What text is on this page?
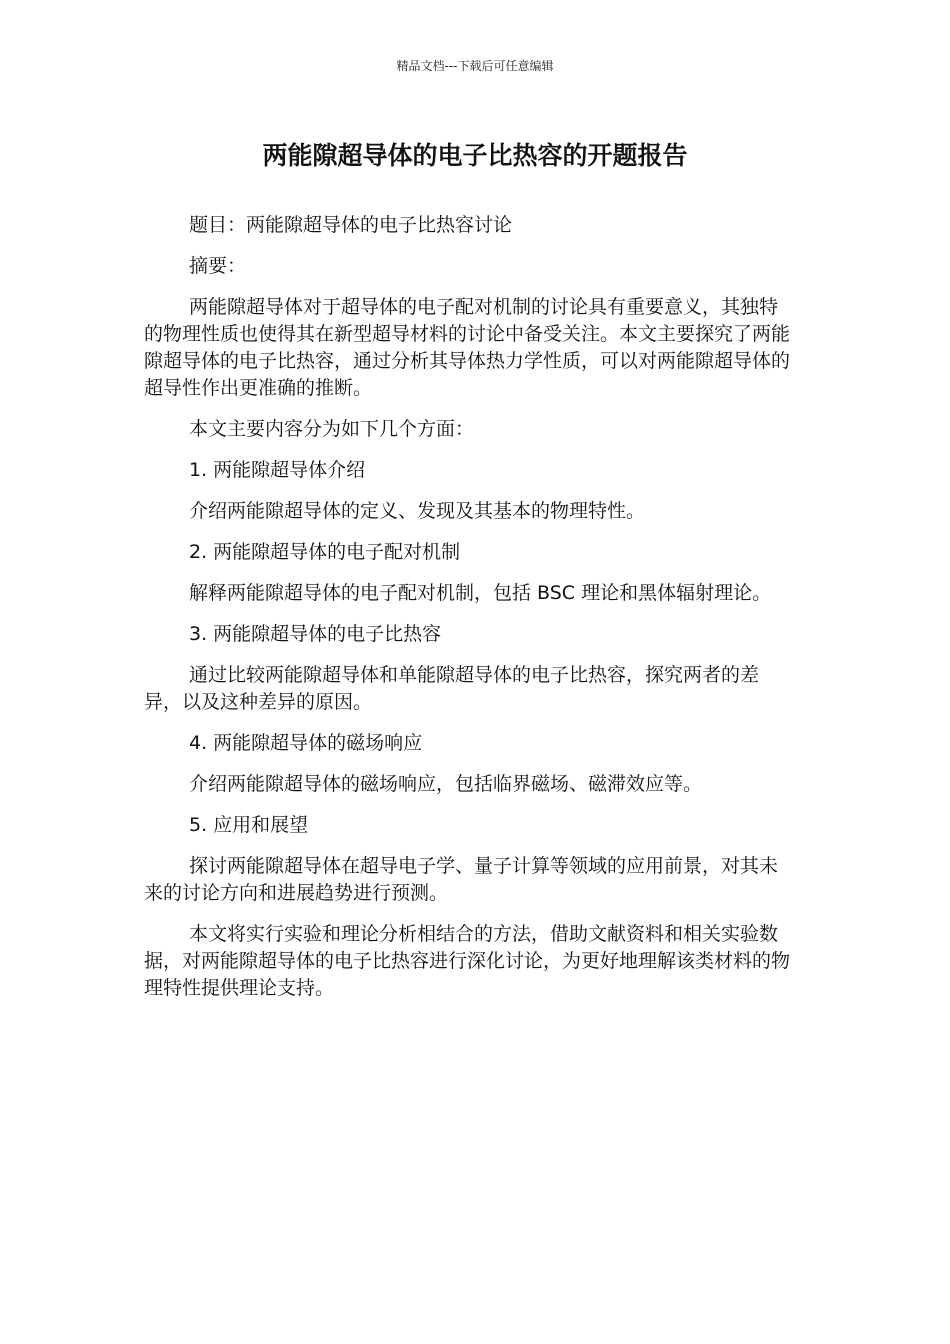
精品文档---下载后可任意编辑
两能隙超导体的电子比热容的开题报告

题目：两能隙超导体的电子比热容讨论

摘要：

两能隙超导体对于超导体的电子配对机制的讨论具有重要意义，其独特的物理性质也使得其在新型超导材料的讨论中备受关注。本文主要探究了两能隙超导体的电子比热容，通过分析其导体热力学性质，可以对两能隙超导体的超导性作出更准确的推断。

本文主要内容分为如下几个方面：

1. 两能隙超导体介绍

介绍两能隙超导体的定义、发现及其基本的物理特性。

2. 两能隙超导体的电子配对机制

解释两能隙超导体的电子配对机制，包括 BSC 理论和黑体辐射理论。

3. 两能隙超导体的电子比热容

通过比较两能隙超导体和单能隙超导体的电子比热容，探究两者的差异，以及这种差异的原因。

4. 两能隙超导体的磁场响应

介绍两能隙超导体的磁场响应，包括临界磁场、磁滞效应等。

5. 应用和展望

探讨两能隙超导体在超导电子学、量子计算等领域的应用前景，对其未来的讨论方向和进展趋势进行预测。

本文将实行实验和理论分析相结合的方法，借助文献资料和相关实验数据，对两能隙超导体的电子比热容进行深化讨论，为更好地理解该类材料的物理特性提供理论支持。
